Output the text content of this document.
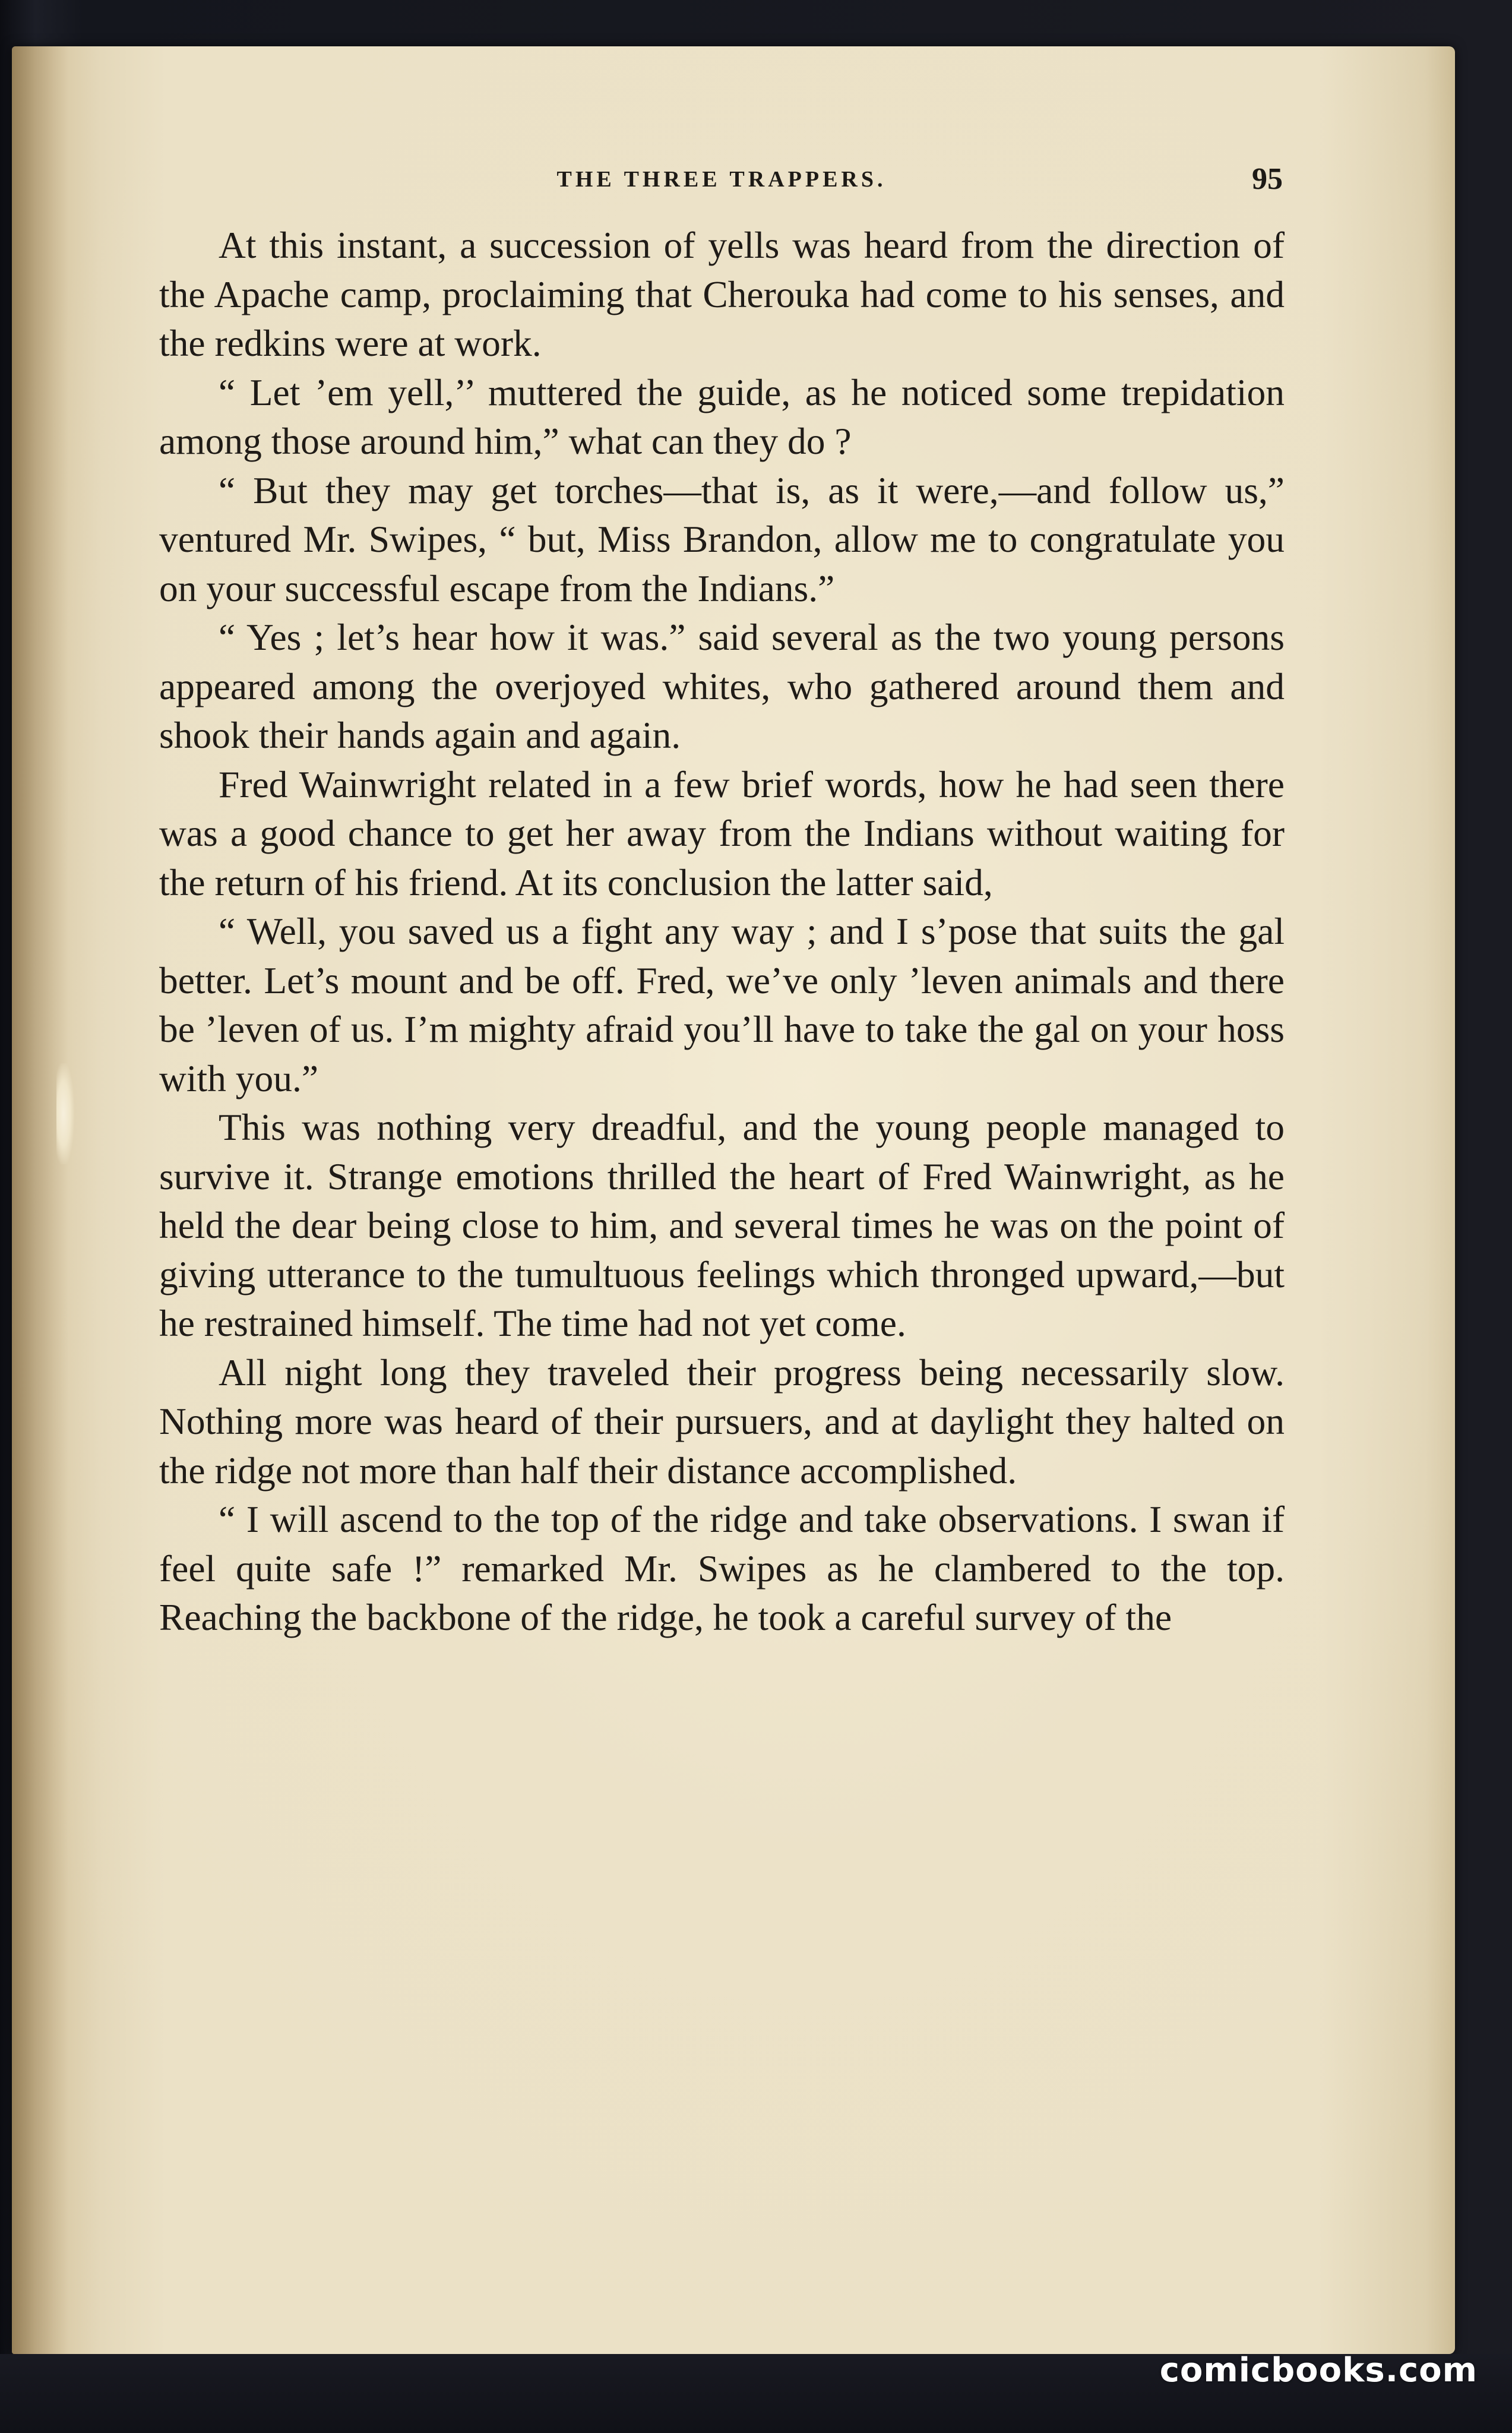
THE THREE TRAPPERS.	95

At this instant, a succession of yells was heard from the direction of the Apache camp, proclaiming that Cherouka had come to his senses, and the redkins were at work.

“ Let ’em yell,’’ muttered the guide, as he noticed some trepidation among those around him,” what can they do ?

“ But they may get torches—that is, as it were,—and follow us,” ventured Mr. Swipes, “ but, Miss Brandon, allow me to congratulate you on your successful escape from the Indians.”

“ Yes ; let’s hear how it was.” said several as the two young persons appeared among the overjoyed whites, who gathered around them and shook their hands again and again.

Fred Wainwright related in a few brief words, how he had seen there was a good chance to get her away from the Indians without waiting for the return of his friend. At its conclusion the latter said,

“ Well, you saved us a fight any way ; and I s’pose that suits the gal better. Let’s mount and be off. Fred, we’ve only ’leven animals and there be ’leven of us. I’m mighty afraid you’ll have to take the gal on your hoss with you.”

This was nothing very dreadful, and the young people managed to survive it. Strange emotions thrilled the heart of Fred Wainwright, as he held the dear being close to him, and several times he was on the point of giving utterance to the tumultuous feelings which thronged upward,—but he restrained himself. The time had not yet come.

All night long they traveled their progress being necessarily slow. Nothing more was heard of their pursuers, and at daylight they halted on the ridge not more than half their distance accomplished.

“ I will ascend to the top of the ridge and take observations. I swan if feel quite safe !” remarked Mr. Swipes as he clambered to the top. Reaching the backbone of the ridge, he took a careful survey of the

comicbooks.com
